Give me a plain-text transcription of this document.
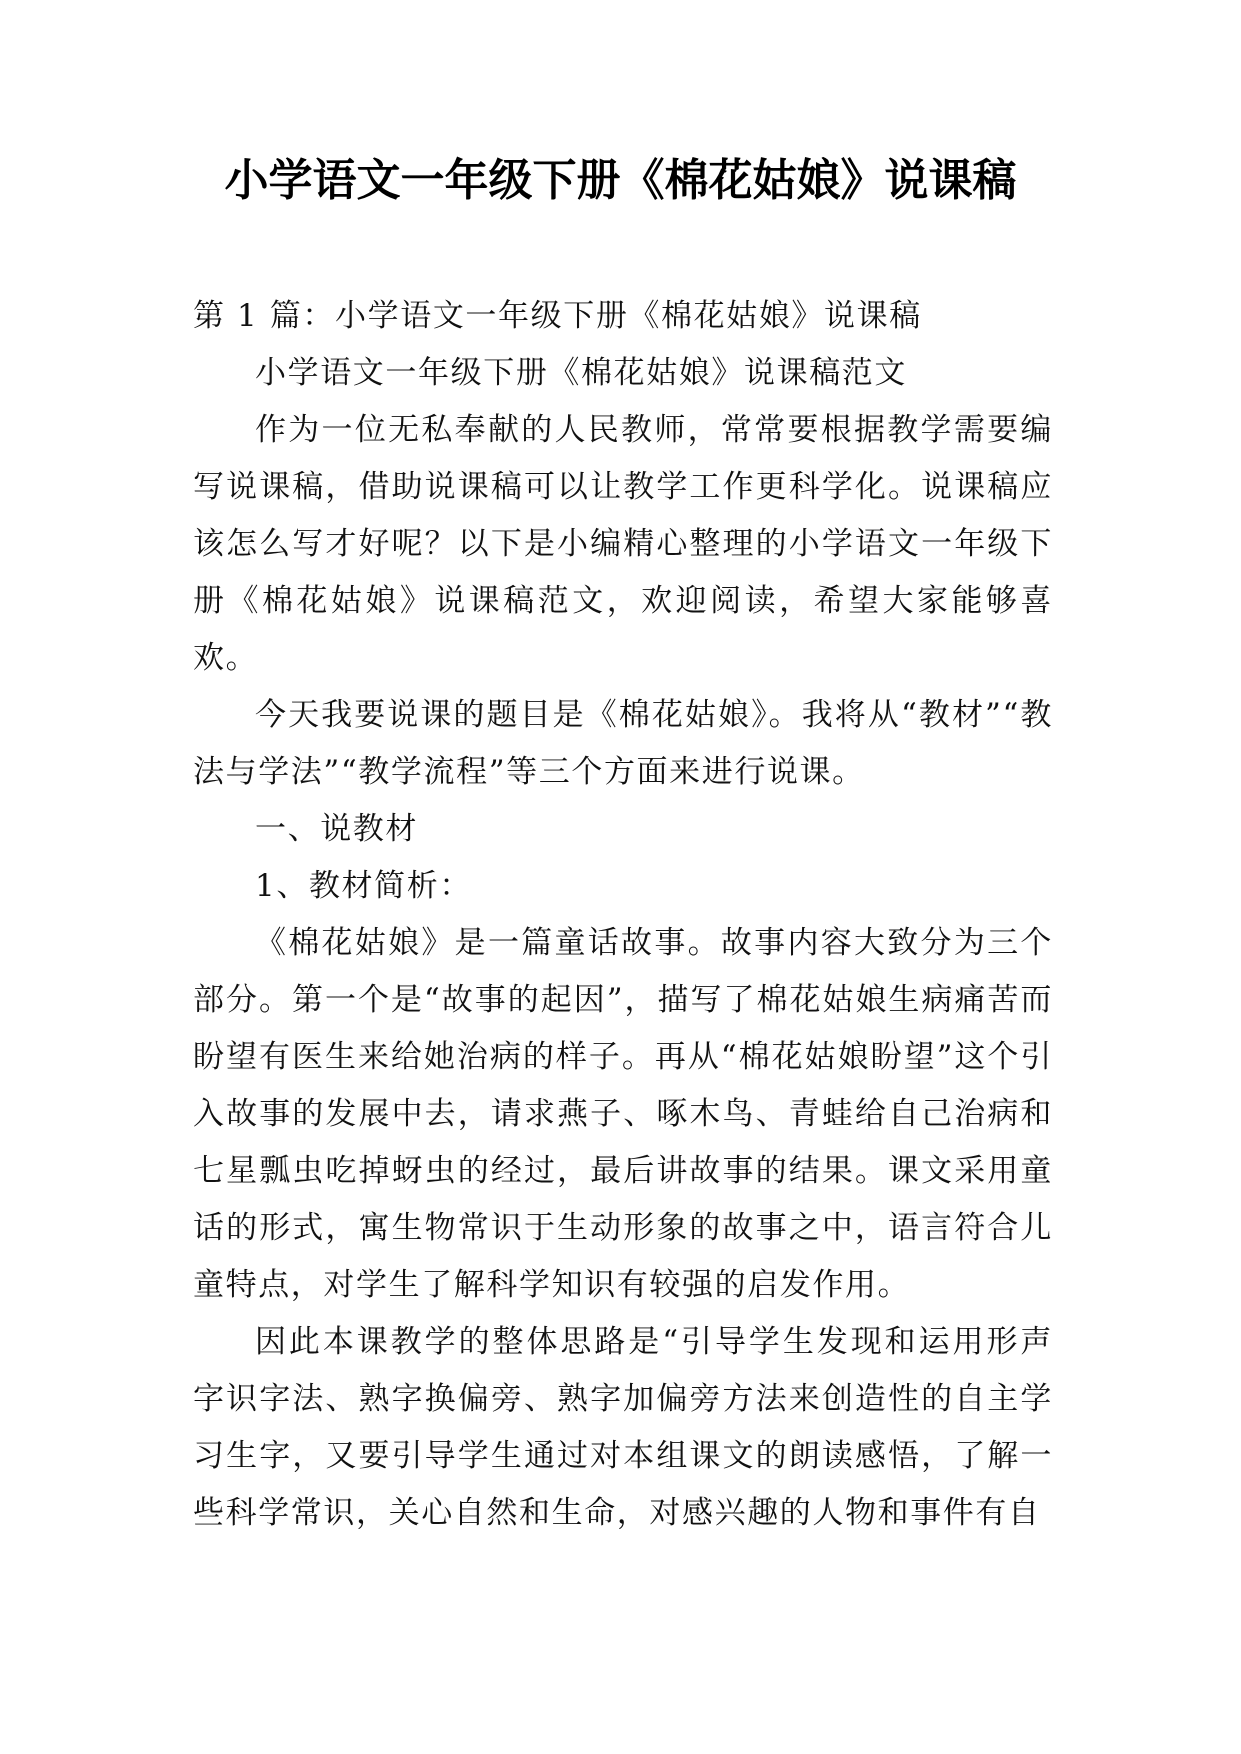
小学语文一年级下册《棉花姑娘》说课稿

第 1 篇：小学语文一年级下册《棉花姑娘》说课稿

小学语文一年级下册《棉花姑娘》说课稿范文

作为一位无私奉献的人民教师，常常要根据教学需要编写说课稿，借助说课稿可以让教学工作更科学化。说课稿应该怎么写才好呢？以下是小编精心整理的小学语文一年级下册《棉花姑娘》说课稿范文，欢迎阅读，希望大家能够喜欢。

今天我要说课的题目是《棉花姑娘》。我将从“教材”“教法与学法”“教学流程”等三个方面来进行说课。

一、说教材

1、教材简析：

《棉花姑娘》是一篇童话故事。故事内容大致分为三个部分。第一个是“故事的起因”，描写了棉花姑娘生病痛苦而盼望有医生来给她治病的样子。再从“棉花姑娘盼望”这个引入故事的发展中去，请求燕子、啄木鸟、青蛙给自己治病和七星瓢虫吃掉蚜虫的经过，最后讲故事的结果。课文采用童话的形式，寓生物常识于生动形象的故事之中，语言符合儿童特点，对学生了解科学知识有较强的启发作用。

因此本课教学的整体思路是“引导学生发现和运用形声字识字法、熟字换偏旁、熟字加偏旁方法来创造性的自主学习生字，又要引导学生通过对本组课文的朗读感悟，了解一些科学常识，关心自然和生命，对感兴趣的人物和事件有自
